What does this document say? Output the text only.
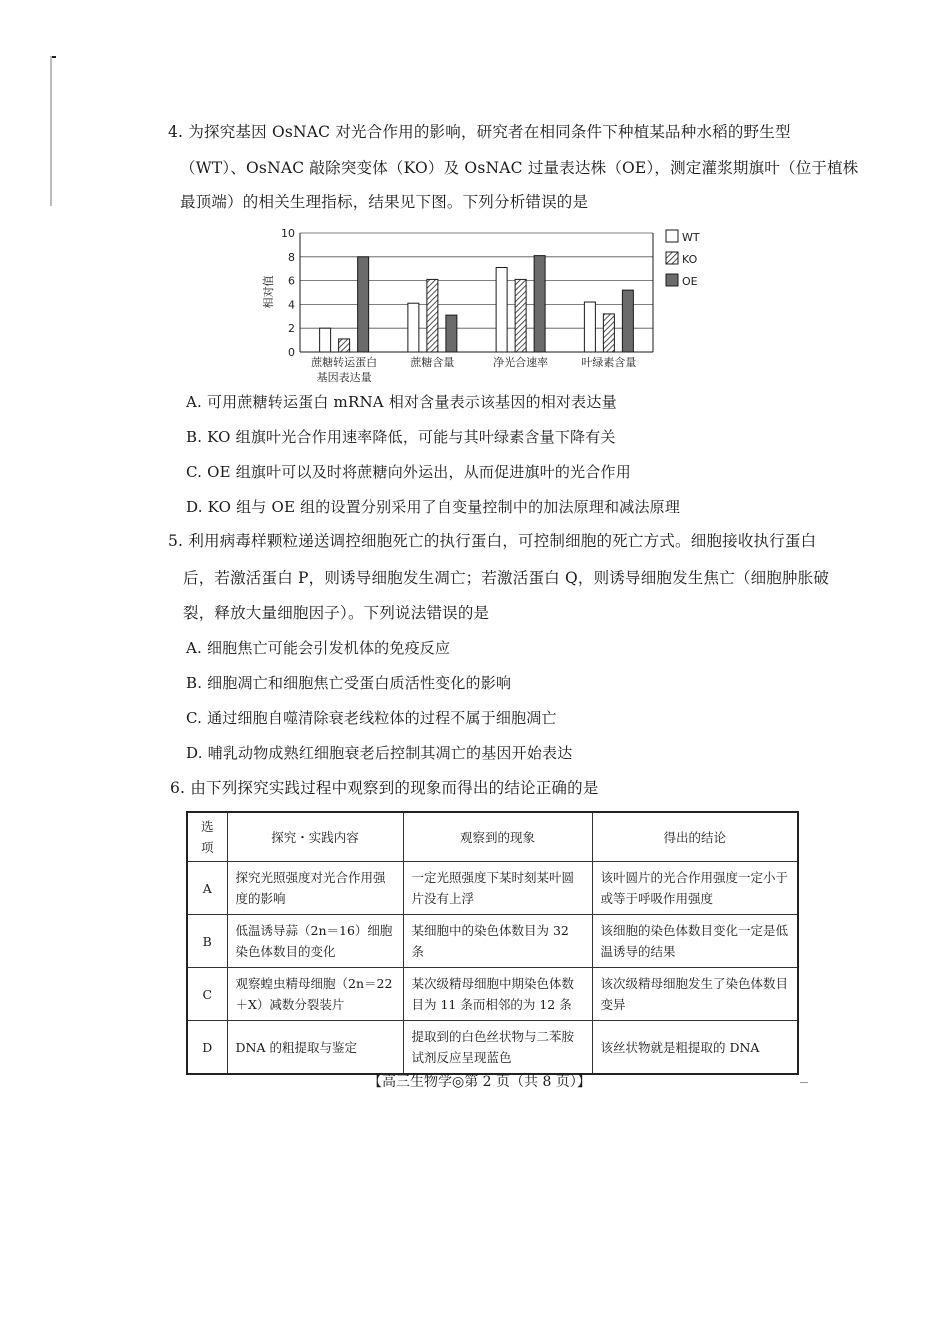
4. 为探究基因 OsNAC 对光合作用的影响，研究者在相同条件下种植某品种水稻的野生型
（WT）、OsNAC 敲除突变体（KO）及 OsNAC 过量表达株（OE），测定灌浆期旗叶（位于植株
最顶端）的相关生理指标，结果见下图。下列分析错误的是
0
2
4
6
8
10
蔗糖转运蛋白
基因表达量
蔗糖含量	净光合速率	叶绿素含量
WT
KO
OE
相对值
A. 可用蔗糖转运蛋白 mRNA 相对含量表示该基因的相对表达量
B. KO 组旗叶光合作用速率降低，可能与其叶绿素含量下降有关
C. OE 组旗叶可以及时将蔗糖向外运出，从而促进旗叶的光合作用
D. KO 组与 OE 组的设置分别采用了自变量控制中的加法原理和减法原理
5. 利用病毒样颗粒递送调控细胞死亡的执行蛋白，可控制细胞的死亡方式。细胞接收执行蛋白
后，若激活蛋白 P，则诱导细胞发生凋亡；若激活蛋白 Q，则诱导细胞发生焦亡（细胞肿胀破
裂，释放大量细胞因子）。下列说法错误的是
A. 细胞焦亡可能会引发机体的免疫反应
B. 细胞凋亡和细胞焦亡受蛋白质活性变化的影响
C. 通过细胞自噬清除衰老线粒体的过程不属于细胞凋亡
D. 哺乳动物成熟红细胞衰老后控制其凋亡的基因开始表达
6. 由下列探究实践过程中观察到的现象而得出的结论正确的是
选项	探究・实践内容	观察到的现象	得出的结论
A	探究光照强度对光合作用强度的影响	一定光照强度下某时刻某叶圆片没有上浮	该叶圆片的光合作用强度一定小于或等于呼吸作用强度
B	低温诱导蒜（2n＝16）细胞染色体数目的变化	某细胞中的染色体数目为 32 条	该细胞的染色体数目变化一定是低温诱导的结果
C	观察蝗虫精母细胞（2n＝22＋X）减数分裂装片	某次级精母细胞中期染色体数目为 11 条而相邻的为 12 条	该次级精母细胞发生了染色体数目变异
D	DNA 的粗提取与鉴定	提取到的白色丝状物与二苯胺试剂反应呈现蓝色	该丝状物就是粗提取的 DNA
【高三生物学◎第 2 页（共 8 页）】
